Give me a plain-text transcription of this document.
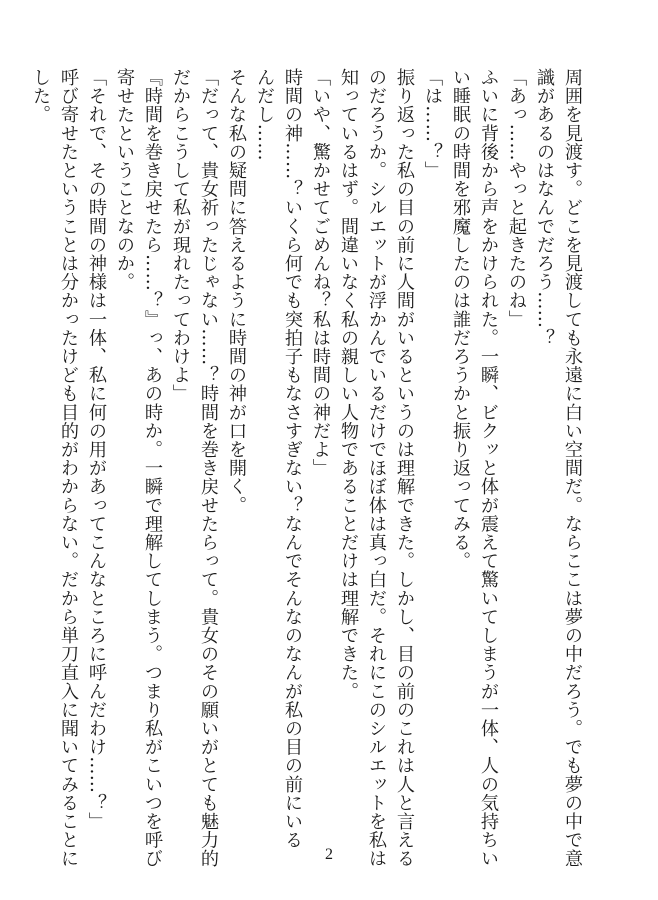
周囲を見渡す。どこを見渡しても永遠に白い空間だ。ならここは夢の中だろう。でも夢の中で意
識があるのはなんでだろう……？
「あっ……やっと起きたのね」
ふいに背後から声をかけられた。一瞬、ビクッと体が震えて驚いてしまうが一体、人の気持ちい
い睡眠の時間を邪魔したのは誰だろうかと振り返ってみる。
「は……？」
振り返った私の目の前に人間がいるというのは理解できた。しかし、目の前のこれは人と言える
のだろうか。シルエットが浮かんでいるだけでほぼ体は真っ白だ。それにこのシルエットを私は
知っているはず。間違いなく私の親しい人物であることだけは理解できた。
「いや、驚かせてごめんね？私は時間の神だよ」
時間の神……？いくら何でも突拍子もなさすぎない？なんでそんなのなんが私の目の前にいる
んだし……
そんな私の疑問に答えるように時間の神が口を開く。
「だって、貴女祈ったじゃない……？時間を巻き戻せたらって。貴女のその願いがとても魅力的
だからこうして私が現れたってわけよ」
『時間を巻き戻せたら……？』っ、あの時か。一瞬で理解してしまう。つまり私がこいつを呼び
寄せたということなのか。
「それで、その時間の神様は一体、私に何の用があってこんなところに呼んだわけ……？」
呼び寄せたということは分かったけども目的がわからない。だから単刀直入に聞いてみることに
した。
2
